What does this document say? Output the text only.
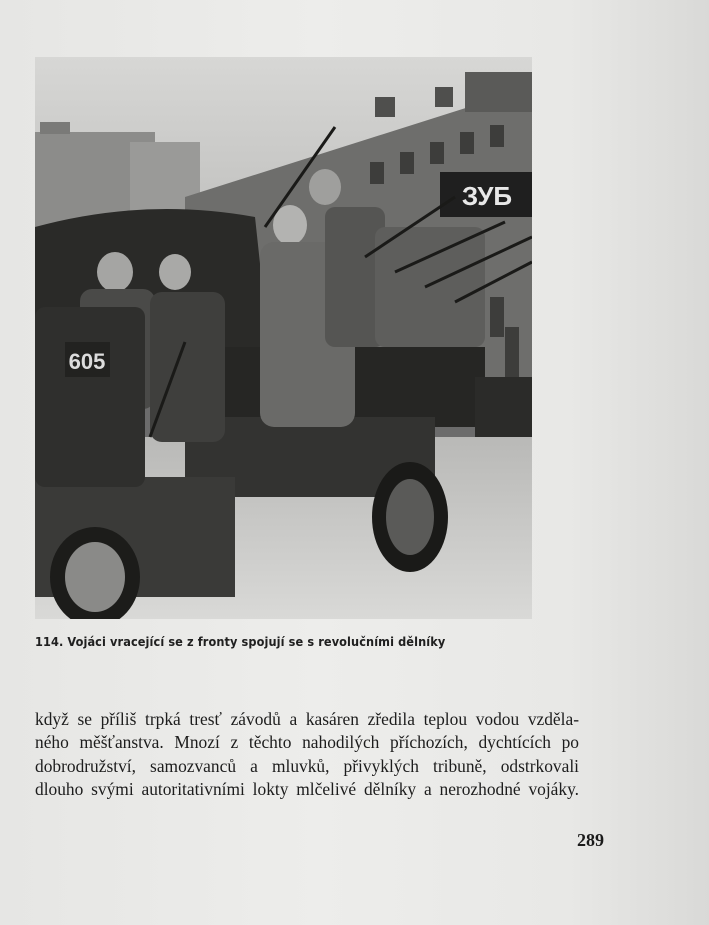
ЗУБ
605
114. Vojáci vracející se z fronty spojují se s revolučními dělníky
když se příliš trpká tresť závodů a kasáren zředila teplou vodou vzděla-
ného měšťanstva. Mnozí z těchto nahodilých příchozích, dychtících po
dobrodružství, samozvanců a mluvků, přivyklých tribuně, odstrkovali
dlouho svými autoritativními lokty mlčelivé dělníky a nerozhodné vojáky.
289
